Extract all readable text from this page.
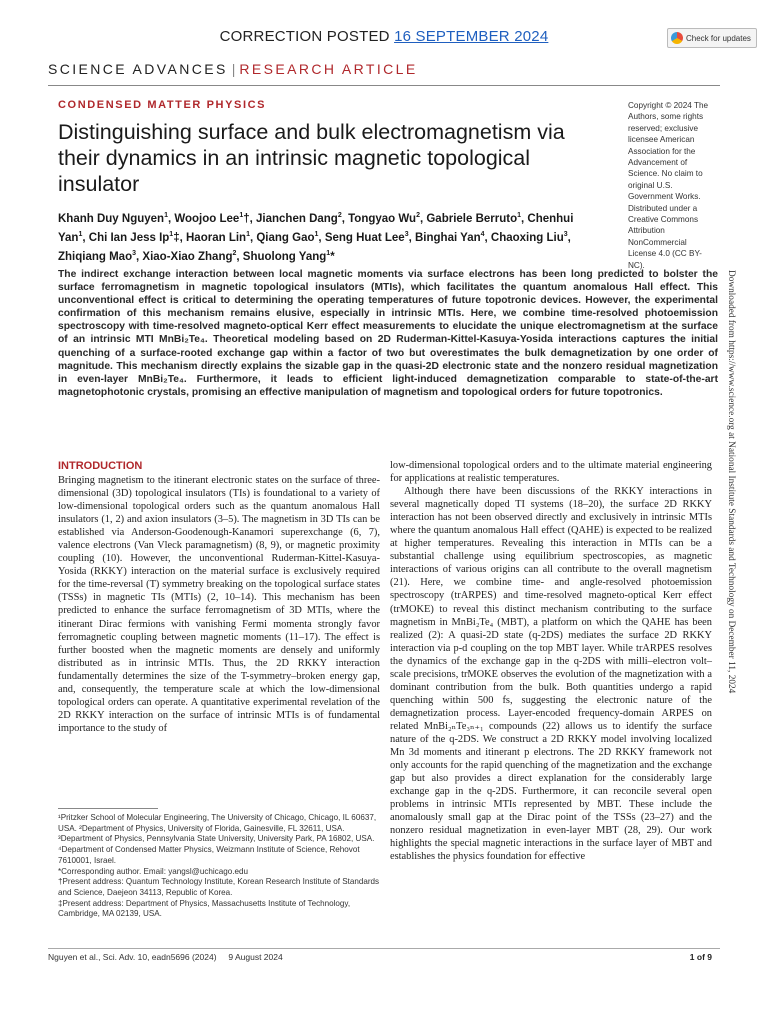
CORRECTION POSTED 16 SEPTEMBER 2024	Check for updates
SCIENCE ADVANCES | RESEARCH ARTICLE
CONDENSED MATTER PHYSICS
Distinguishing surface and bulk electromagnetism via their dynamics in an intrinsic magnetic topological insulator

Khanh Duy Nguyen$^1$, Woojoo Lee$^1$†, Jianchen Dang$^2$, Tongyao Wu$^2$, Gabriele Berruto$^1$, Chenhui Yan$^1$, Chi Ian Jess Ip$^1$‡, Haoran Lin$^1$, Qiang Gao$^1$, Seng Huat Lee$^3$, Binghai Yan$^4$, Chaoxing Liu$^3$, Zhiqiang Mao$^3$, Xiao-Xiao Zhang$^2$, Shuolong Yang$^1$*

Copyright © 2024 The Authors, some rights reserved; exclusive licensee American Association for the Advancement of Science. No claim to original U.S. Government Works. Distributed under a Creative Commons Attribution NonCommercial License 4.0 (CC BY-NC).

The indirect exchange interaction between local magnetic moments via surface electrons has been long predicted to bolster the surface ferromagnetism in magnetic topological insulators (MTIs), which facilitates the quantum anomalous Hall effect. This unconventional effect is critical to determining the operating temperatures of future topotronic devices. However, the experimental confirmation of this mechanism remains elusive, especially in intrinsic MTIs. Here, we combine time-resolved photoemission spectroscopy with time-resolved magneto-optical Kerr effect measurements to elucidate the unique electromagnetism at the surface of an intrinsic MTI MnBi₂Te₄. Theoretical modeling based on 2D Ruderman-Kittel-Kasuya-Yosida interactions captures the initial quenching of a surface-rooted exchange gap within a factor of two but overestimates the bulk demagnetization by one order of magnitude. This mechanism directly explains the sizable gap in the quasi-2D electronic state and the nonzero residual magnetization in even-layer MnBi₂Te₄. Furthermore, it leads to efficient light-induced demagnetization comparable to state-of-the-art magnetophotonic crystals, promising an effective manipulation of magnetism and topological orders for future topotronics.	Downloaded from https://www.science.org at National Institute Standards and Technology on December 11, 2024
INTRODUCTION

Bringing magnetism to the itinerant electronic states on the surface of three-dimensional (3D) topological insulators (TIs) is foundational to a variety of low-dimensional topological orders such as the quantum anomalous Hall insulators (1, 2) and axion insulators (3–5). The magnetism in 3D TIs can be established via Anderson-Goodenough-Kanamori superexchange (6, 7), valence electrons (Van Vleck paramagnetism) (8, 9), or magnetic proximity coupling (10). However, the unconventional Ruderman-Kittel-Kasuya-Yosida (RKKY) interaction on the material surface is exclusively required for the time-reversal (T) symmetry breaking on the topological surface states (TSSs) in magnetic TIs (MTIs) (2, 10–14). This mechanism has been predicted to enhance the surface ferromagnetism of 3D MTIs, where the itinerant Dirac fermions with vanishing Fermi momenta strongly favor ferromagnetic coupling between magnetic moments (11–17). The effect is further boosted when the magnetic moments are densely and uniformly distributed as in intrinsic MTIs. Thus, the 2D RKKY interaction fundamentally determines the size of the T-symmetry–broken energy gap, and, consequently, the temperature scale at which the low-dimensional topological orders can operate. A quantitative experimental revelation of the 2D RKKY interaction on the surface of intrinsic MTIs is of fundamental importance to the study of

low-dimensional topological orders and to the ultimate material engineering for applications at realistic temperatures.

Although there have been discussions of the RKKY interactions in several magnetically doped TI systems (18–20), the surface 2D RKKY interaction has not been observed directly and exclusively in intrinsic MTIs where the quantum anomalous Hall effect (QAHE) is expected to be realized at higher temperatures. Revealing this interaction in MTIs can be a substantial challenge using equilibrium spectroscopies, as magnetic interactions of various origins can all contribute to the overall magnetism (21). Here, we combine time- and angle-resolved photoemission spectroscopy (trARPES) and time-resolved magneto-optical Kerr effect (trMOKE) to reveal this distinct mechanism contributing to the surface magnetism in MnBi₂Te₄ (MBT), a platform on which the QAHE has been realized (2): A quasi-2D state (q-2DS) mediates the surface 2D RKKY interaction via p-d coupling on the top MBT layer. While trARPES resolves the dynamics of the exchange gap in the q-2DS with milli–electron volt–scale precisions, trMOKE observes the evolution of the magnetization with a dominant contribution from the bulk. Both quantities undergo a rapid quenching within 500 fs, suggesting the electronic nature of the demagnetization process. Layer-encoded frequency-domain ARPES on related MnBi₂ₙTe₃ₙ₊₁ compounds (22) allows us to identify the surface nature of the q-2DS. We construct a 2D RKKY model involving localized Mn 3d moments and itinerant p electrons. The 2D RKKY framework not only accounts for the rapid quenching of the magnetization and the exchange gap but also provides a direct explanation for the considerably large exchange gap in the q-2DS. Furthermore, it can reconcile several open problems in intrinsic MTIs represented by MBT. These include the anomalously small gap at the Dirac point of the TSSs (23–27) and the nonzero residual magnetization in even-layer MBT (28, 29). Our work highlights the special magnetic interactions in the surface layer of MBT and establishes the physics foundation for effective

¹Pritzker School of Molecular Engineering, The University of Chicago, Chicago, IL 60637, USA. ²Department of Physics, University of Florida, Gainesville, FL 32611, USA. ³Department of Physics, Pennsylvania State University, University Park, PA 16802, USA. ⁴Department of Condensed Matter Physics, Weizmann Institute of Science, Rehovot 7610001, Israel.
*Corresponding author. Email: yangsl@uchicago.edu
†Present address: Quantum Technology Institute, Korean Research Institute of Standards and Science, Daejeon 34113, Republic of Korea.
‡Present address: Department of Physics, Massachusetts Institute of Technology, Cambridge, MA 02139, USA.
Nguyen et al., Sci. Adv. 10, eadn5696 (2024)     9 August 2024	1 of 9
